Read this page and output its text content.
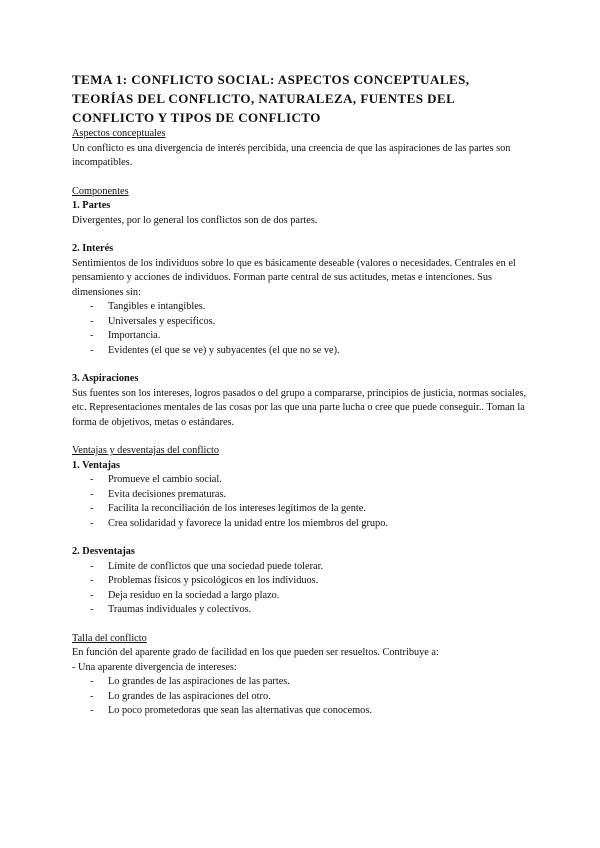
TEMA 1: CONFLICTO SOCIAL: ASPECTOS CONCEPTUALES, TEORÍAS DEL CONFLICTO, NATURALEZA, FUENTES DEL CONFLICTO Y TIPOS DE CONFLICTO

Aspectos conceptuales

Un conflicto es una divergencia de interés percibida, una creencia de que las aspiraciones de las partes son incompatibles.

Componentes

1. Partes

Divergentes, por lo general los conflictos son de dos partes.

2. Interés

Sentimientos de los individuos sobre lo que es básicamente deseable (valores o necesidades. Centrales en el pensamiento y acciones de individuos. Forman parte central de sus actitudes, metas e intenciones. Sus dimensiones sin:

- Tangibles e intangibles.
- Universales y específicos.
- Importancia.
- Evidentes (el que se ve) y subyacentes (el que no se ve).

3. Aspiraciones

Sus fuentes son los intereses, logros pasados o del grupo a compararse, principios de justicia, normas sociales, etc. Representaciones mentales de las cosas por las que una parte lucha o cree que puede conseguir.. Toman la forma de objetivos, metas o estándares.

Ventajas y desventajas del conflicto

1. Ventajas

- Promueve el cambio social.
- Evita decisiones prematuras.
- Facilita la reconciliación de los intereses legítimos de la gente.
- Crea solidaridad y favorece la unidad entre los miembros del grupo.

2. Desventajas

- Límite de conflictos que una sociedad puede tolerar.
- Problemas físicos y psicológicos en los individuos.
- Deja residuo en la sociedad a largo plazo.
- Traumas individuales y colectivos.

Talla del conflicto

En función del aparente grado de facilidad en los que pueden ser resueltos. Contribuye a:

- Una aparente divergencia de intereses:

- Lo grandes de las aspiraciones de las partes.
- Lo grandes de las aspiraciones del otro.
- Lo poco prometedoras que sean las alternativas que conocemos.
